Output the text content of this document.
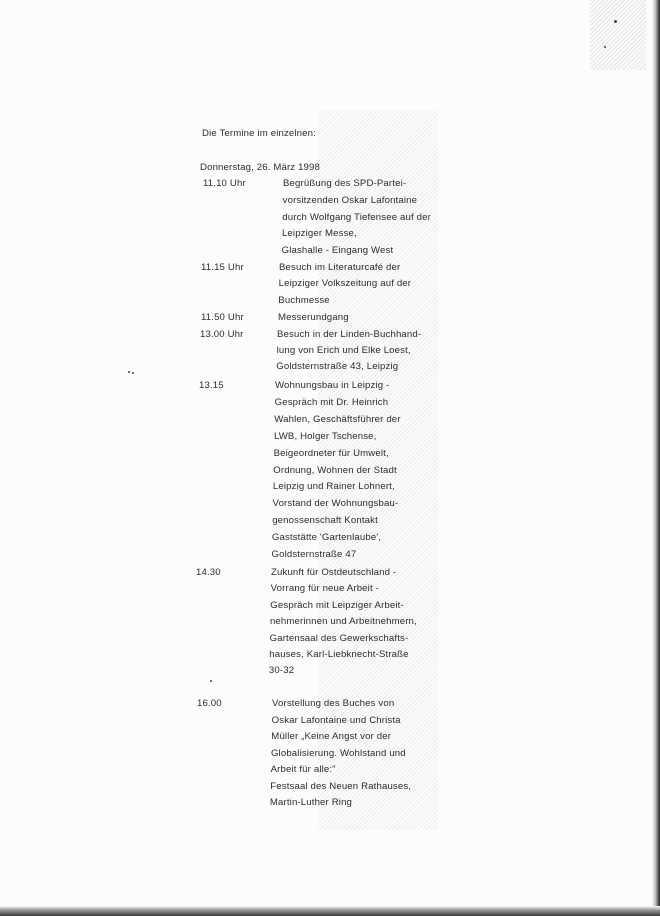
Die Termine im einzelnen:
Donnerstag, 26. März 1998
11.10 Uhr	Begrüßung des SPD-Partei-
vorsitzenden Oskar Lafontaine
durch Wolfgang Tiefensee auf der
Leipziger Messe,
Glashalle - Eingang West
11.15 Uhr	Besuch im Literaturcafé der
Leipziger Volkszeitung auf der
Buchmesse
11.50 Uhr	Messerundgang
13.00 Uhr	Besuch in der Linden-Buchhand-
lung von Erich und Elke Loest,
Goldsternstraße 43, Leipzig
13.15	Wohnungsbau in Leipzig -
Gespräch mit Dr. Heinrich
Wahlen, Geschäftsführer der
LWB, Holger Tschense,
Beigeordneter für Umwelt,
Ordnung, Wohnen der Stadt
Leipzig und Rainer Lohnert,
Vorstand der Wohnungsbau-
genossenschaft Kontakt
Gaststätte 'Gartenlaube',
Goldsternstraße 47
14.30	Zukunft für Ostdeutschland -
Vorrang für neue Arbeit -
Gespräch mit Leipziger Arbeit-
nehmerinnen und Arbeitnehmern,
Gartensaal des Gewerkschafts-
hauses, Karl-Liebknecht-Straße
30-32
16.00	Vorstellung des Buches von
Oskar Lafontaine und Christa
Müller „Keine Angst vor der
Globalisierung. Wohlstand und
Arbeit für alle:"
Festsaal des Neuen Rathauses,
Martin-Luther Ring
